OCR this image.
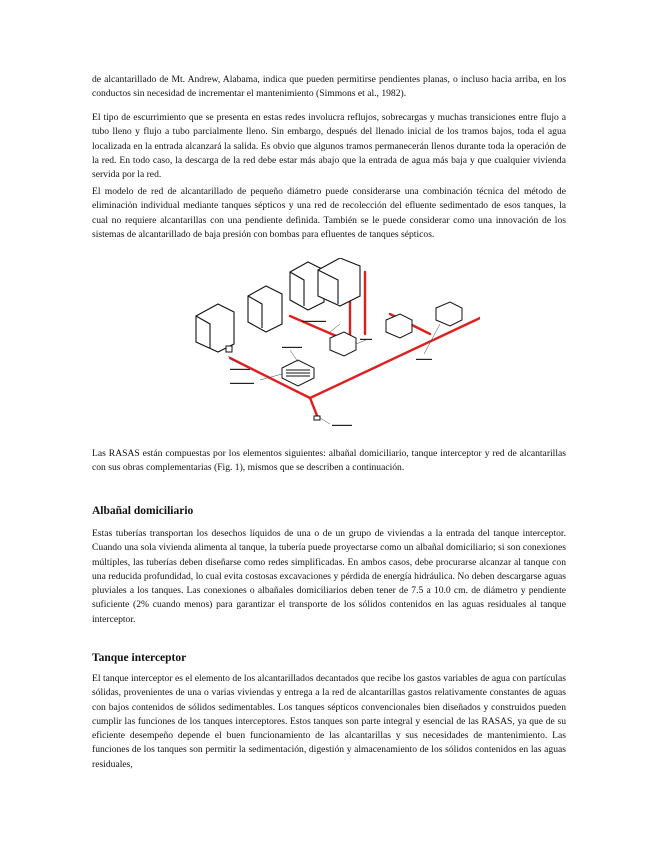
de alcantarillado de Mt. Andrew, Alabama, indica que pueden permitirse pendientes planas, o incluso hacia arriba, en los conductos sin necesidad de incrementar el mantenimiento (Simmons et al., 1982).

El tipo de escurrimiento que se presenta en estas redes involucra reflujos, sobrecargas y muchas transiciones entre flujo a tubo lleno y flujo a tubo parcialmente lleno. Sin embargo, después del llenado inicial de los tramos bajos, toda el agua localizada en la entrada alcanzará la salida. Es obvio que algunos tramos permanecerán llenos durante toda la operación de la red. En todo caso, la descarga de la red debe estar más abajo que la entrada de agua más baja y que cualquier vivienda servida por la red.

El modelo de red de alcantarillado de pequeño diámetro puede considerarse una combinación técnica del método de eliminación individual mediante tanques sépticos y una red de recolección del efluente sedimentado de esos tanques, la cual no requiere alcantarillas con una pendiente definida. También se le puede considerar como una innovación de los sistemas de alcantarillado de baja presión con bombas para efluentes de tanques sépticos.

▬▬▬▬▬
▬▬▬▬▬▬
▬▬▬▬▬
▬▬▬▬▬▬
▬▬▬
▬▬▬▬
▬▬▬▬▬

Las RASAS están compuestas por los elementos siguientes: albañal domiciliario, tanque interceptor y red de alcantarillas con sus obras complementarias (Fig. 1), mismos que se describen a continuación.

Albañal domiciliario

Estas tuberías transportan los desechos líquidos de una o de un grupo de viviendas a la entrada del tanque interceptor. Cuando una sola vivienda alimenta al tanque, la tubería puede proyectarse como un albañal domiciliario; si son conexiones múltiples, las tuberías deben diseñarse como redes simplificadas. En ambos casos, debe procurarse alcanzar al tanque con una reducida profundidad, lo cual evita costosas excavaciones y pérdida de energía hidráulica. No deben descargarse aguas pluviales a los tanques. Las conexiones o albañales domiciliarios deben tener de 7.5 a 10.0 cm. de diámetro y pendiente suficiente (2% cuando menos) para garantizar el transporte de los sólidos contenidos en las aguas residuales al tanque interceptor.

Tanque interceptor

El tanque interceptor es el elemento de los alcantarillados decantados que recibe los gastos variables de agua con partículas sólidas, provenientes de una o varias viviendas y entrega a la red de alcantarillas gastos relativamente constantes de aguas con bajos contenidos de sólidos sedimentables. Los tanques sépticos convencionales bien diseñados y construidos pueden cumplir las funciones de los tanques interceptores. Estos tanques son parte integral y esencial de las RASAS, ya que de su eficiente desempeño depende el buen funcionamiento de las alcantarillas y sus necesidades de mantenimiento. Las funciones de los tanques son permitir la sedimentación, digestión y almacenamiento de los sólidos contenidos en las aguas residuales,
